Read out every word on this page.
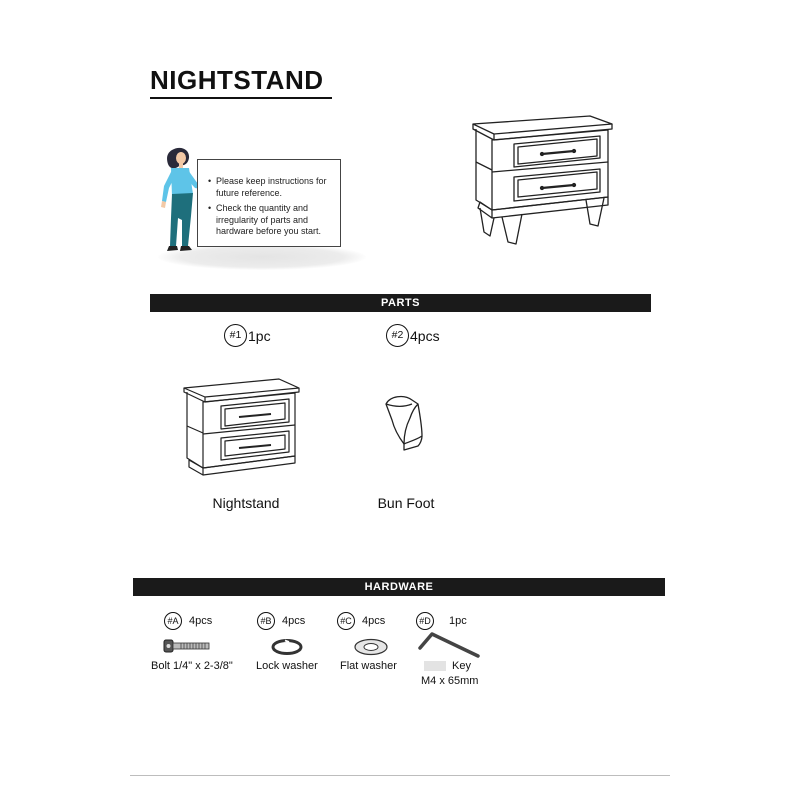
NIGHTSTAND
• Please keep instructions for future reference.
• Check the quantity and irregularity of parts and hardware before you start.
PARTS
#1 1pc	#2 4pcs
Nightstand	Bun Foot
HARDWARE
#A 4pcs	#B 4pcs	#C 4pcs	#D 1pc
Bolt 1/4" x 2-3/8" Lock washer Flat washer	Key
M4 x 65mm
